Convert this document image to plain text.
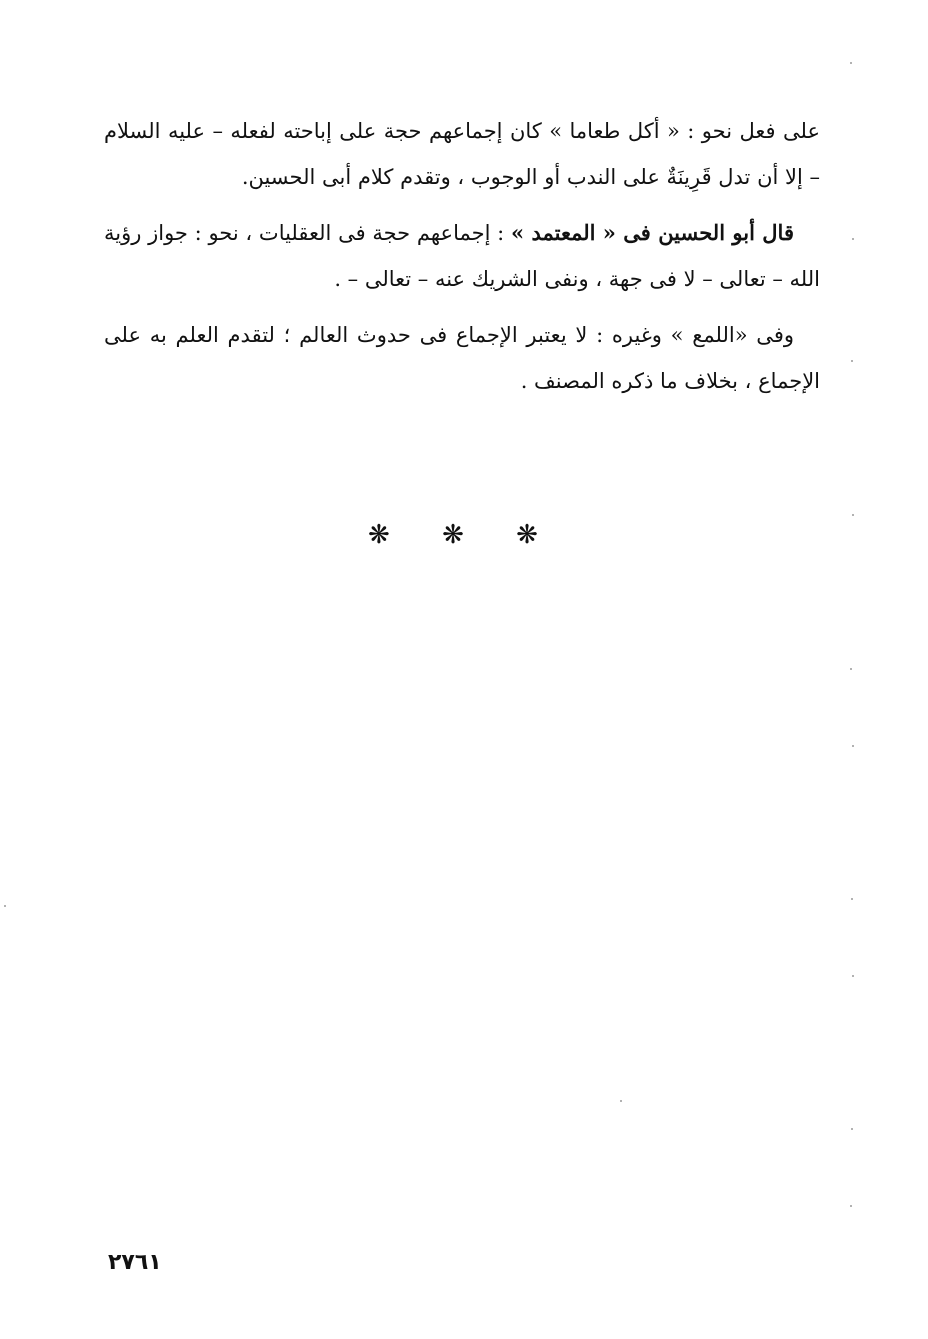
على فعل نحو : « أكل طعاما » كان إجماعهم حجة على إباحته لفعله – عليه السلام – إلا أن تدل قَرِينَةٌ على الندب أو الوجوب ، وتقدم كلام أبى الحسين.

قال أبو الحسين فى « المعتمد » : إجماعهم حجة فى العقليات ، نحو : جواز رؤية الله – تعالى – لا فى جهة ، ونفى الشريك عنه – تعالى – .

وفى «اللمع » وغيره : لا يعتبر الإجماع فى حدوث العالم ؛ لتقدم العلم به على الإجماع ، بخلاف ما ذكره المصنف .

❋ ❋ ❋
٢٧٦١
